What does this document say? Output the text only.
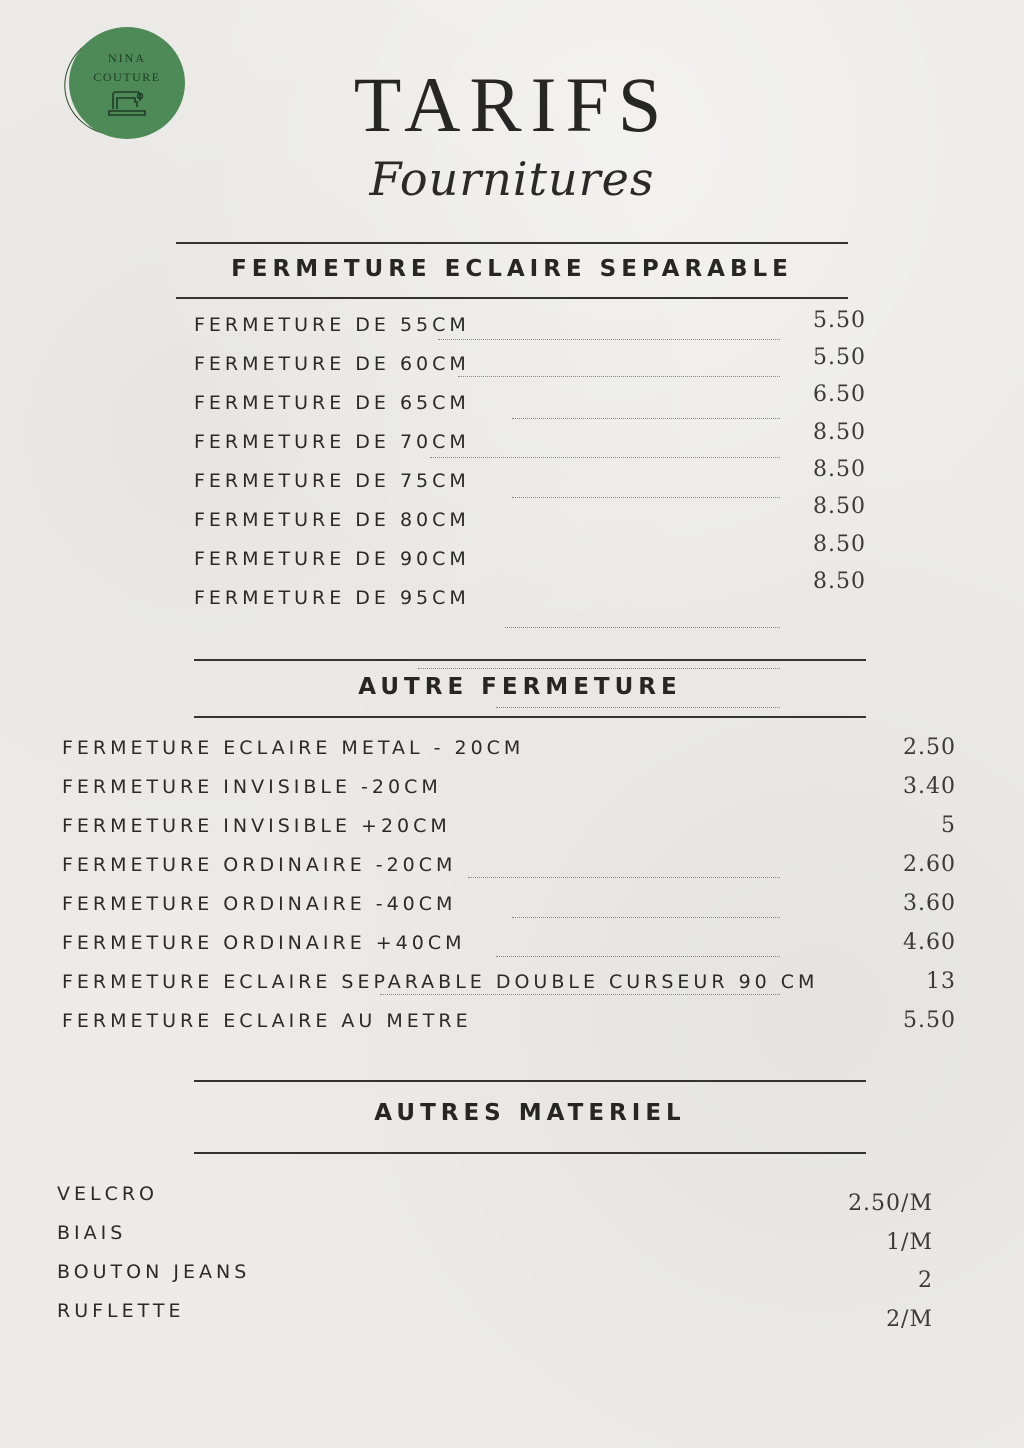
NINA
COUTURE	TARIFS
Fournitures
FERMETURE ECLAIRE SEPARABLE
FERMETURE DE 55CM
FERMETURE DE 60CM
FERMETURE DE 65CM
FERMETURE DE 70CM
FERMETURE DE 75CM
FERMETURE DE 80CM
FERMETURE DE 90CM
FERMETURE DE 95CM
5.50
5.50
6.50
8.50
8.50
8.50
8.50
8.50
AUTRE FERMETURE
FERMETURE ECLAIRE METAL - 20CM
FERMETURE INVISIBLE -20CM
FERMETURE INVISIBLE +20CM
FERMETURE ORDINAIRE -20CM
FERMETURE ORDINAIRE -40CM
FERMETURE ORDINAIRE +40CM
FERMETURE ECLAIRE SEPARABLE DOUBLE CURSEUR 90 CM
FERMETURE ECLAIRE AU METRE
2.50
3.40
5
2.60
3.60
4.60
13
5.50
AUTRES MATERIEL
VELCRO
BIAIS
BOUTON JEANS
RUFLETTE
2.50/M
1/M
2
2/M
